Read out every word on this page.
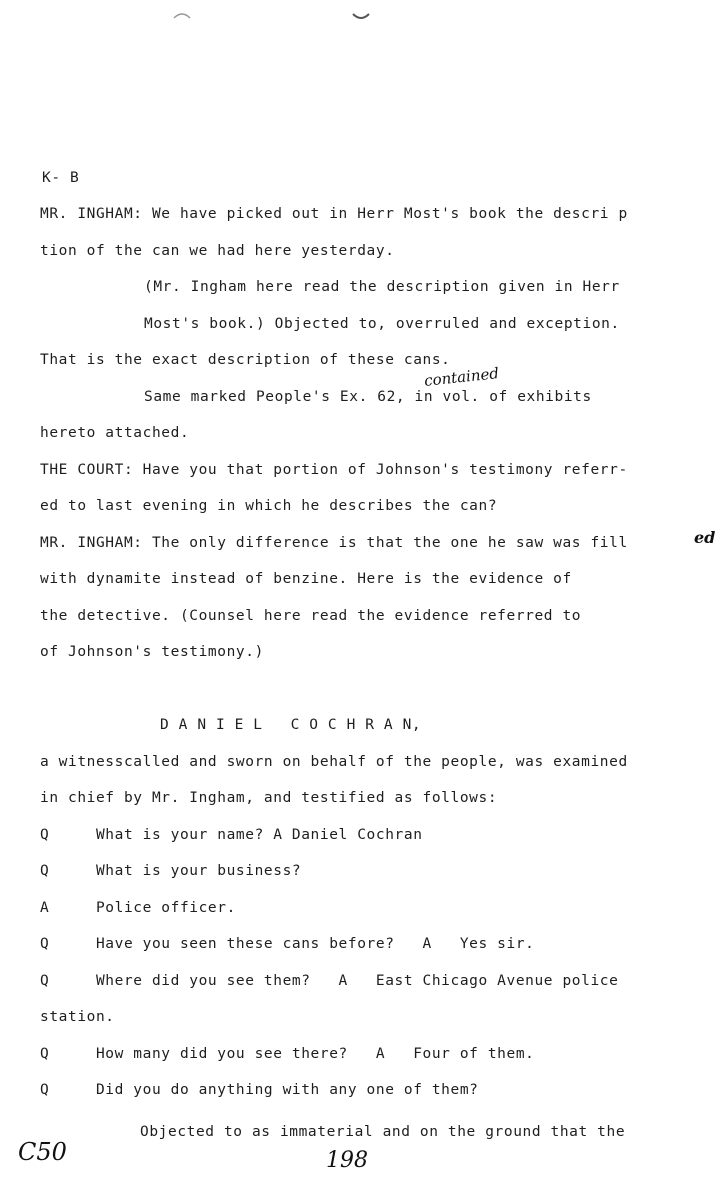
K- B
MR. INGHAM: We have picked out in Herr Most's book the descri p
tion of the can we had here yesterday.
(Mr. Ingham here read the description given in Herr
Most's book.) Objected to, overruled and exception.
That is the exact description of these cans.
contained
Same marked People's Ex. 62, in vol. of exhibits
hereto attached.
THE COURT: Have you that portion of Johnson's testimony referr-
ed to last evening in which he describes the can?
MR. INGHAM: The only difference is that the one he saw was fill	ed
with dynamite instead of benzine. Here is the evidence of
the detective. (Counsel here read the evidence referred to
of Johnson's testimony.)
D A N I E L   C O C H R A N,
a witnesscalled and sworn on behalf of the people, was examined
in chief by Mr. Ingham, and testified as follows:
Q     What is your name? A Daniel Cochran
Q     What is your business?
A     Police officer.
Q     Have you seen these cans before?   A   Yes sir.
Q     Where did you see them?   A   East Chicago Avenue police
station.
Q     How many did you see there?   A   Four of them.
Q     Did you do anything with any one of them?
Objected to as immaterial and on the ground that the
C50	198
